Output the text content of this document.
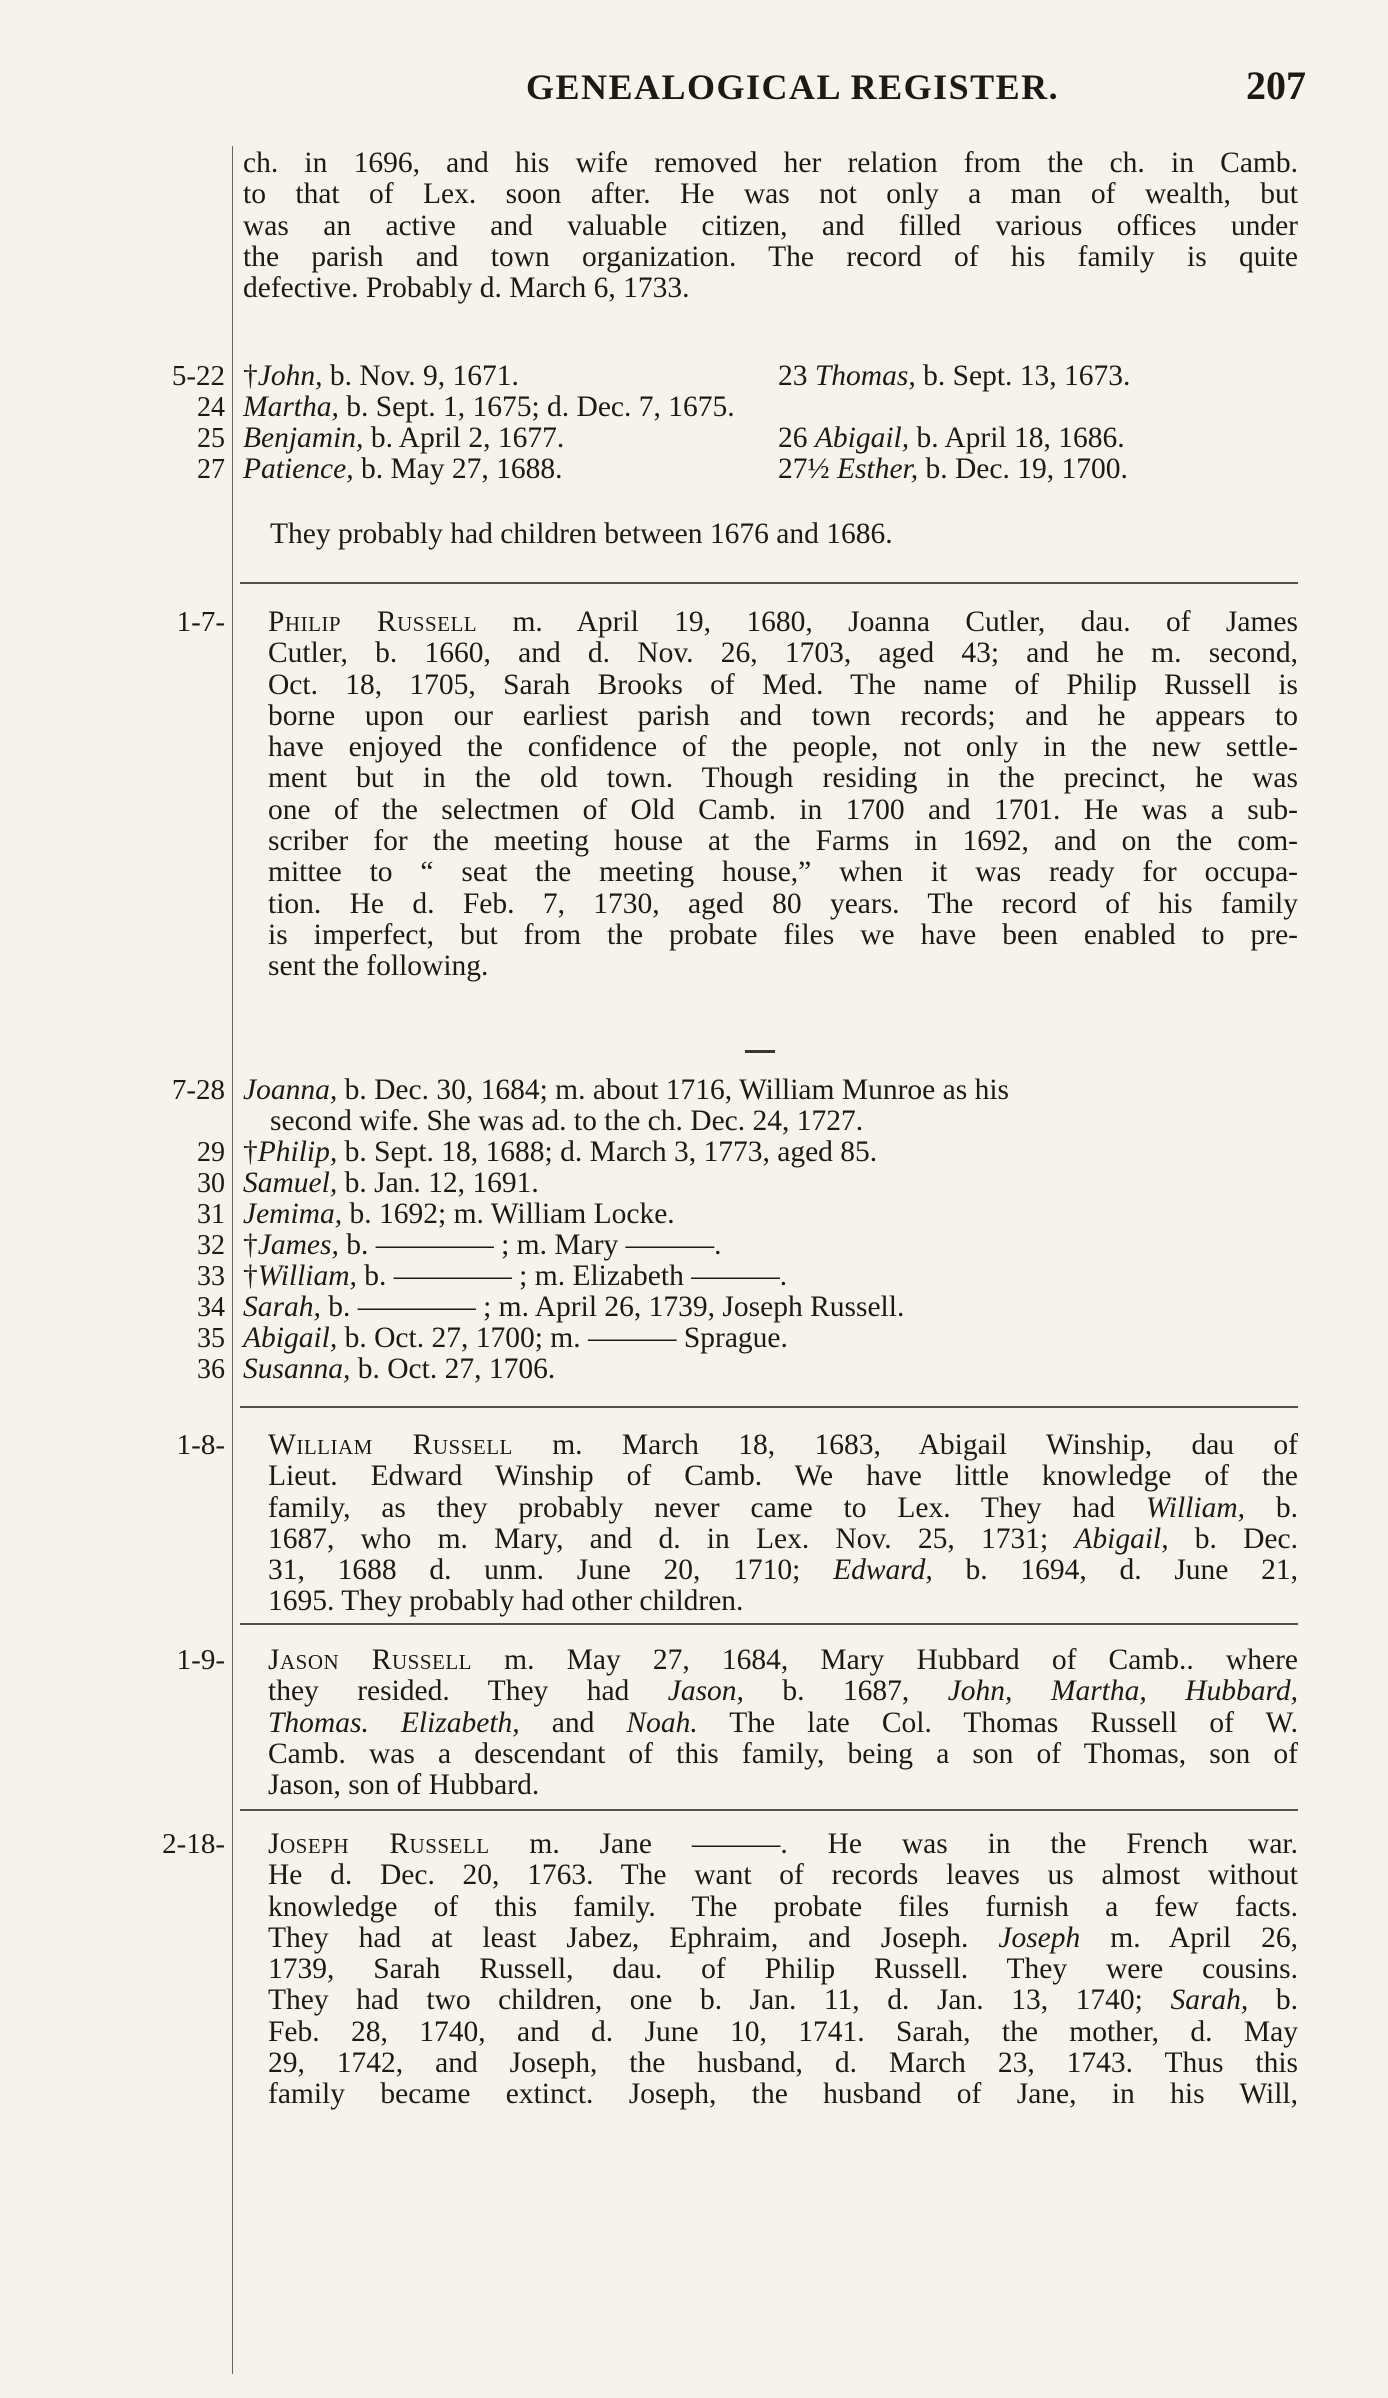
GENEALOGICAL REGISTER.	207

ch. in 1696, and his wife removed her relation from the ch. in Camb.
to that of Lex. soon after. He was not only a man of wealth, but
was an active and valuable citizen, and filled various offices under
the parish and town organization. The record of his family is quite
defective. Probably d. March 6, 1733.

5-22 †John, b. Nov. 9, 1671.	23 Thomas, b. Sept. 13, 1673.
24 Martha, b. Sept. 1, 1675; d. Dec. 7, 1675.
25 Benjamin, b. April 2, 1677.	26 Abigail, b. April 18, 1686.
27 Patience, b. May 27, 1688.	27½ Esther, b. Dec. 19, 1700.
They probably had children between 1676 and 1686.
1-7-	Philip Russell m. April 19, 1680, Joanna Cutler, dau. of James
Cutler, b. 1660, and d. Nov. 26, 1703, aged 43; and he m. second,
Oct. 18, 1705, Sarah Brooks of Med. The name of Philip Russell is
borne upon our earliest parish and town records; and he appears to
have enjoyed the confidence of the people, not only in the new settle-
ment but in the old town. Though residing in the precinct, he was
one of the selectmen of Old Camb. in 1700 and 1701. He was a sub-
scriber for the meeting house at the Farms in 1692, and on the com-
mittee to “ seat the meeting house,” when it was ready for occupa-
tion. He d. Feb. 7, 1730, aged 80 years. The record of his family
is imperfect, but from the probate files we have been enabled to pre-
sent the following.

7-28 Joanna, b. Dec. 30, 1684; m. about 1716, William Munroe as his
second wife. She was ad. to the ch. Dec. 24, 1727.
29 †Philip, b. Sept. 18, 1688; d. March 3, 1773, aged 85.
30 Samuel, b. Jan. 12, 1691.
31 Jemima, b. 1692; m. William Locke.
32 †James, b. ———— ; m. Mary ———.
33 †William, b. ———— ; m. Elizabeth ———.
34 Sarah, b. ———— ; m. April 26, 1739, Joseph Russell.
35 Abigail, b. Oct. 27, 1700; m. ——— Sprague.
36 Susanna, b. Oct. 27, 1706.
1-8-	William Russell m. March 18, 1683, Abigail Winship, dau of
Lieut. Edward Winship of Camb. We have little knowledge of the
family, as they probably never came to Lex. They had William, b.
1687, who m. Mary, and d. in Lex. Nov. 25, 1731; Abigail, b. Dec.
31, 1688 d. unm. June 20, 1710; Edward, b. 1694, d. June 21,
1695. They probably had other children.

1-9-	Jason Russell m. May 27, 1684, Mary Hubbard of Camb.. where
they resided. They had Jason, b. 1687, John, Martha, Hubbard,
Thomas. Elizabeth, and Noah. The late Col. Thomas Russell of W.
Camb. was a descendant of this family, being a son of Thomas, son of
Jason, son of Hubbard.

2-18-	Joseph Russell m. Jane ———. He was in the French war.
He d. Dec. 20, 1763. The want of records leaves us almost without
knowledge of this family. The probate files furnish a few facts.
They had at least Jabez, Ephraim, and Joseph. Joseph m. April 26,
1739, Sarah Russell, dau. of Philip Russell. They were cousins.
They had two children, one b. Jan. 11, d. Jan. 13, 1740; Sarah, b.
Feb. 28, 1740, and d. June 10, 1741. Sarah, the mother, d. May
29, 1742, and Joseph, the husband, d. March 23, 1743. Thus this
family became extinct. Joseph, the husband of Jane, in his Will,
